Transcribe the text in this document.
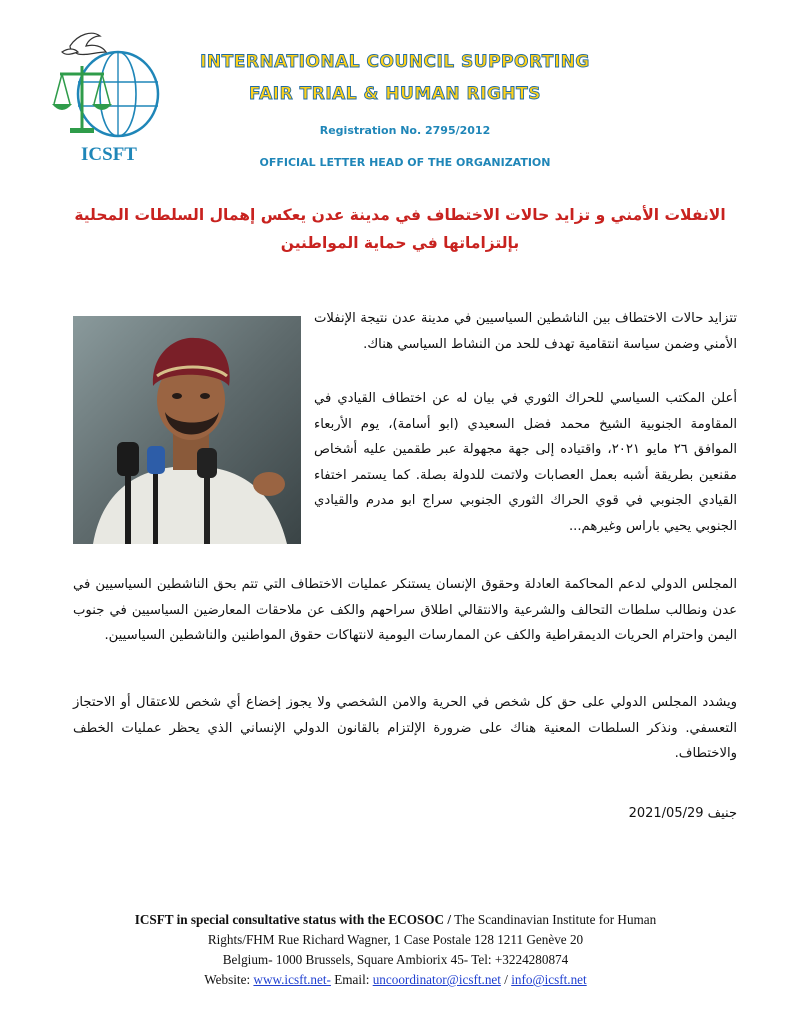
ICSFT
INTERNATIONAL COUNCIL SUPPORTING
FAIR TRIAL & HUMAN RIGHTS
Registration No. 2795/2012
OFFICIAL LETTER HEAD OF THE ORGANIZATION
الانفلات الأمني و تزايد حالات الاختطاف في مدينة عدن يعكس إهمال السلطات المحلية
بإلتزاماتها في حماية المواطنين
تتزايد حالات الاختطاف بين الناشطين السياسيين في مدينة عدن نتيجة الإنفلات الأمني وضمن سياسة انتقامية تهدف للحد من النشاط السياسي هناك.
أعلن المكتب السياسي للحراك الثوري في بيان له عن اختطاف القيادي في المقاومة الجنوبية الشيخ محمد فضل السعيدي (ابو أسامة)، يوم الأربعاء الموافق ٢٦ مايو ٢٠٢١، واقتياده إلى جهة مجهولة عبر طقمين عليه أشخاص مقنعين بطريقة أشبه بعمل العصابات ولاتمت للدولة بصلة. كما يستمر اختفاء القيادي الجنوبي في قوي الحراك الثوري الجنوبي سراج ابو مدرم والقيادي الجنوبي يحيي باراس وغيرهم...
المجلس الدولي لدعم المحاكمة العادلة وحقوق الإنسان يستنكر عمليات الاختطاف التي تتم بحق الناشطين السياسيين في عدن ونطالب سلطات التحالف والشرعية والانتقالي اطلاق سراحهم والكف عن ملاحقات المعارضين السياسيين في جنوب اليمن واحترام الحريات الديمقراطية والكف عن الممارسات اليومية لانتهاكات حقوق المواطنين والناشطين السياسيين.
ويشدد المجلس الدولي على حق كل شخص في الحرية والامن الشخصي ولا يجوز إخضاع أي شخص للاعتقال أو الاحتجاز التعسفي. ونذكر السلطات المعنية هناك على ضرورة الإلتزام بالقانون الدولي الإنساني الذي يحظر عمليات الخطف والاختطاف.
جنيف 2021/05/29
ICSFT in special consultative status with the ECOSOC / The Scandinavian Institute for Human
Rights/FHM Rue Richard Wagner, 1 Case Postale 128 1211 Genève 20
Belgium- 1000 Brussels, Square Ambiorix 45- Tel: +3224280874
Website: www.icsft.net- Email: uncoordinator@icsft.net / info@icsft.net
